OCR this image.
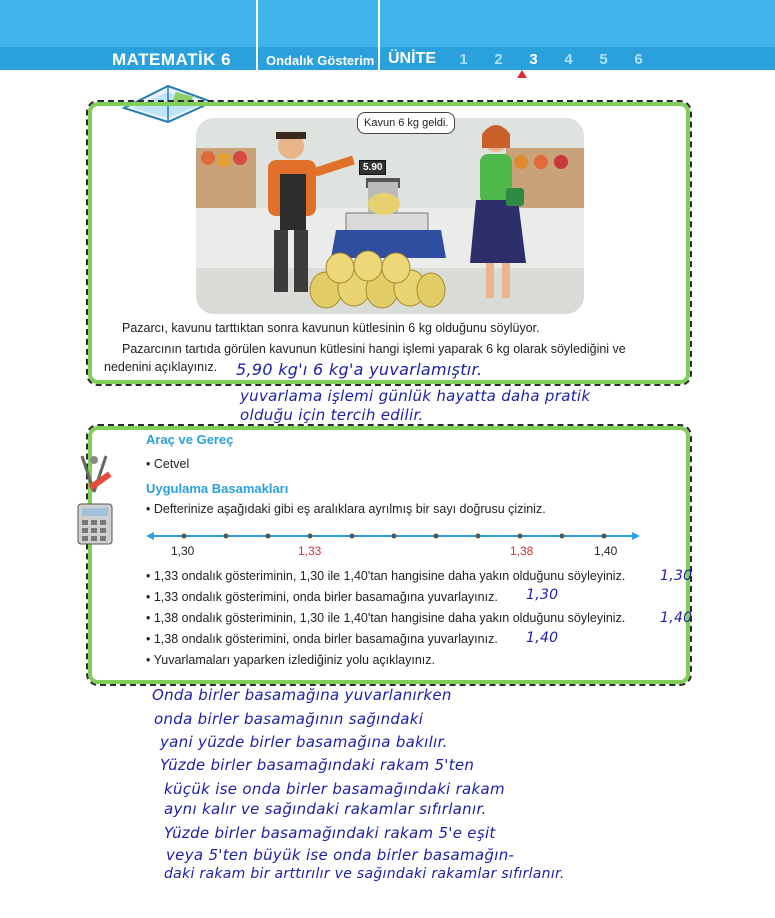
MATEMATİK 6	Ondalık Gösterim ÜNİTE	1 2 3 4 5 6
5.90
Kavun 6 kg geldi.
Pazarcı, kavunu tarttıktan sonra kavunun kütlesinin 6 kg olduğunu söylüyor.
Pazarcının tartıda görülen kavunun kütlesini hangi işlemi yaparak 6 kg olarak söylediğini ve
nedenini açıklayınız. 5,90 kg'ı 6 kg'a yuvarlamıştır.
yuvarlama işlemi günlük hayatta daha pratik
olduğu için tercih edilir.
Araç ve Gereç
• Cetvel
Uygulama Basamakları
• Defterinize aşağıdaki gibi eş aralıklara ayrılmış bir sayı doğrusu çiziniz.
1,30	1,33	1,38	1,40
• 1,33 ondalık gösteriminin, 1,30 ile 1,40'tan hangisine daha yakın olduğunu söyleyiniz. 1,30
• 1,33 ondalık gösterimini, onda birler basamağına yuvarlayınız. 1,30
• 1,38 ondalık gösteriminin, 1,30 ile 1,40'tan hangisine daha yakın olduğunu söyleyiniz. 1,40
• 1,38 ondalık gösterimini, onda birler basamağına yuvarlayınız. 1,40
• Yuvarlamaları yaparken izlediğiniz yolu açıklayınız.
Onda birler basamağına yuvarlanırken
onda birler basamağının sağındaki
yani yüzde birler basamağına bakılır.
Yüzde birler basamağındaki rakam 5'ten
küçük ise onda birler basamağındaki rakam
aynı kalır ve sağındaki rakamlar sıfırlanır.
Yüzde birler basamağındaki rakam 5'e eşit
veya 5'ten büyük ise onda birler basamağın-
daki rakam bir arttırılır ve sağındaki rakamlar sıfırlanır.
